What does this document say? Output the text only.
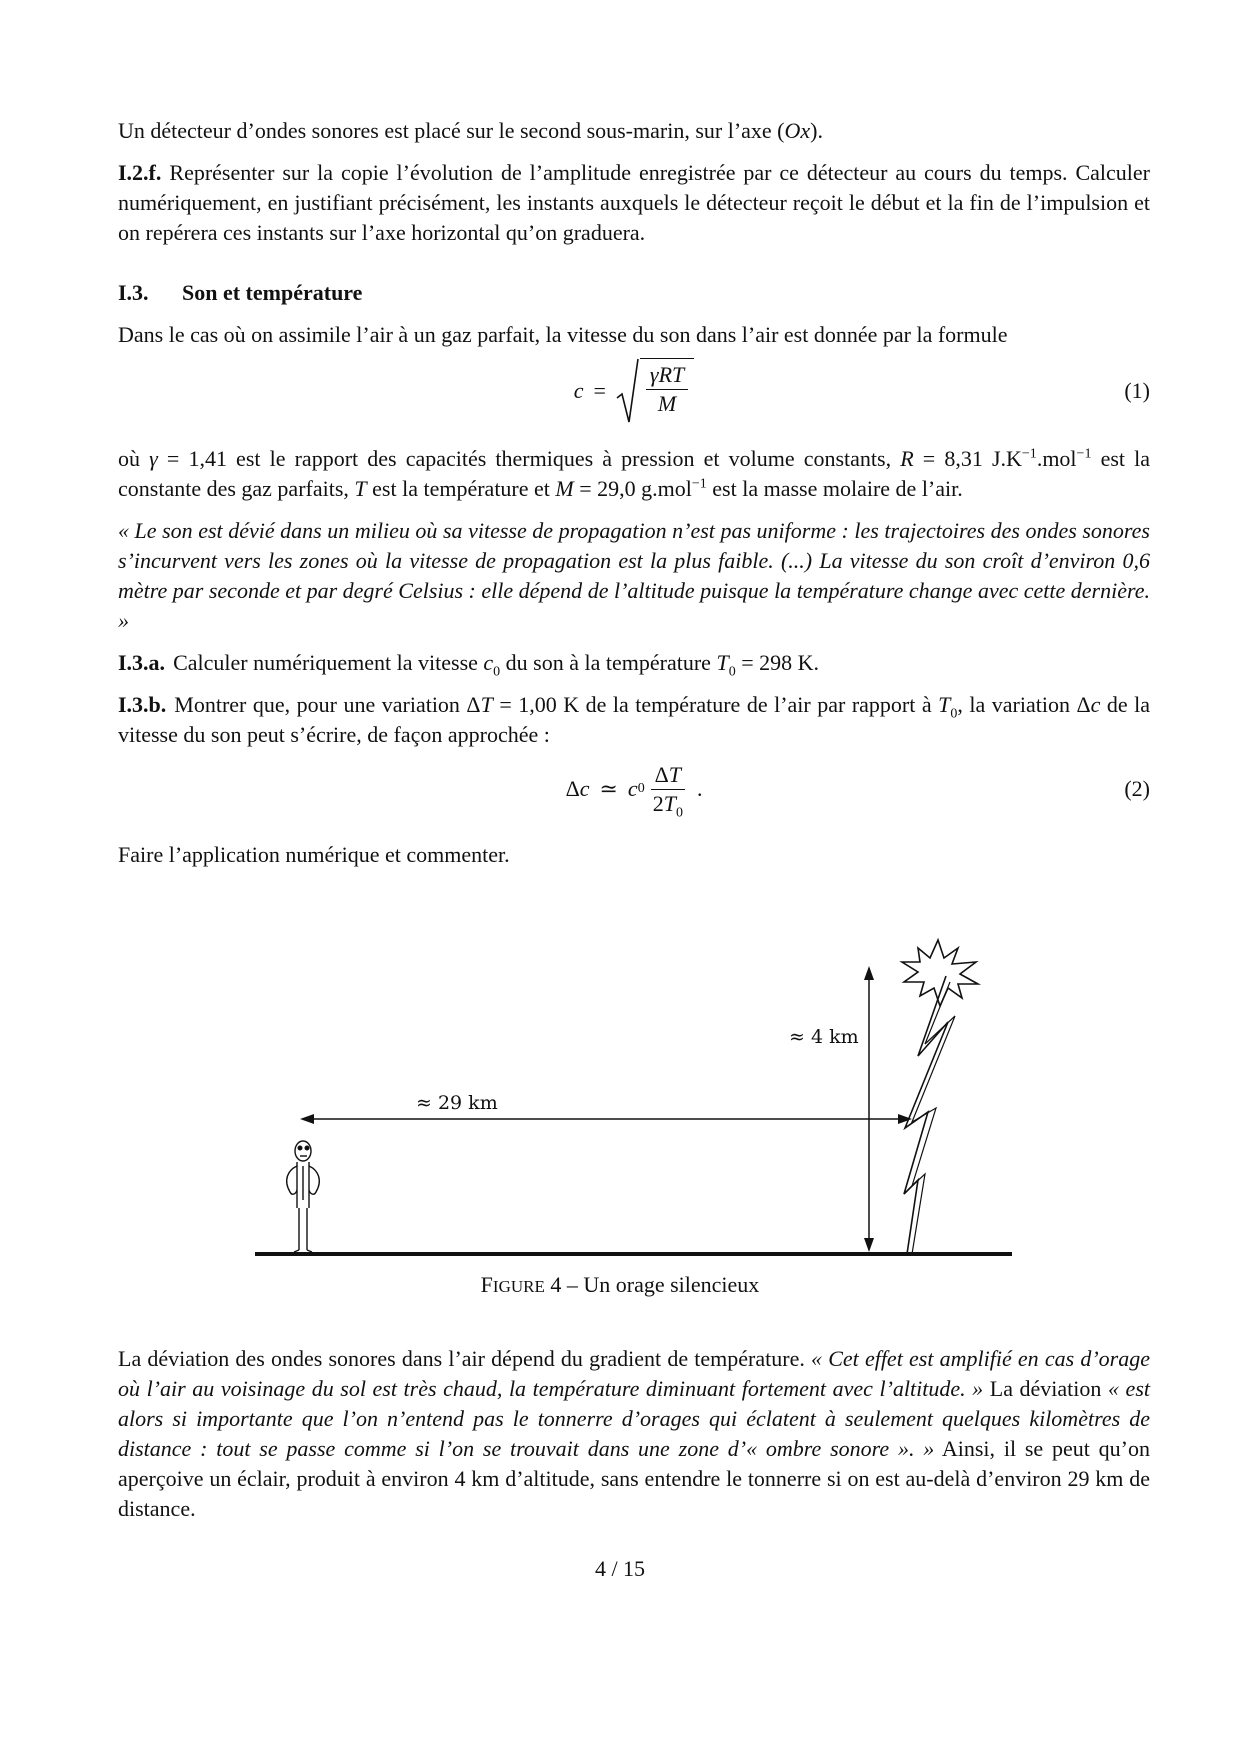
Un détecteur d’ondes sonores est placé sur le second sous-marin, sur l’axe (Ox).

I.2.f. Représenter sur la copie l’évolution de l’amplitude enregistrée par ce détecteur au cours du temps. Calculer numériquement, en justifiant précisément, les instants auxquels le détecteur reçoit le début et la fin de l’impulsion et on repérera ces instants sur l’axe horizontal qu’on graduera.

I.3. Son et température

Dans le cas où on assimile l’air à un gaz parfait, la vitesse du son dans l’air est donnée par la formule

$c = \frac{\text{γRT}}{M}$	(1)

où γ = 1,41 est le rapport des capacités thermiques à pression et volume constants, R = 8,31 $J.K^{-1}.mol^{-1}$ est la constante des gaz parfaits, T est la température et M = 29,0 g.mol$^{-1}$ est la masse molaire de l’air.

« Le son est dévié dans un milieu où sa vitesse de propagation n’est pas uniforme : les trajectoires des ondes sonores s’incurvent vers les zones où la vitesse de propagation est la plus faible. (...) La vitesse du son croît d’environ 0,6 mètre par seconde et par degré Celsius : elle dépend de l’altitude puisque la température change avec cette dernière. »

I.3.a. Calculer numériquement la vitesse $c_0$ du son à la température $T_0 = 298$ K.

I.3.b. Montrer que, pour une variation ΔT = 1,00 K de la température de l’air par rapport à $T_0$, la variation Δc de la vitesse du son peut s’écrire, de façon approchée :

Δ c ≃ c $0 \frac{\Delta T}{2T_0}$ .	(2)

Faire l’application numérique et commenter.

≈ 29 km
≈ 4 km
FIGURE 4 – Un orage silencieux

La déviation des ondes sonores dans l’air dépend du gradient de température. « Cet effet est amplifié en cas d’orage où l’air au voisinage du sol est très chaud, la température diminuant fortement avec l’altitude. » La déviation « est alors si importante que l’on n’entend pas le tonnerre d’orages qui éclatent à seulement quelques kilomètres de distance : tout se passe comme si l’on se trouvait dans une zone d’« ombre sonore ». » Ainsi, il se peut qu’on aperçoive un éclair, produit à environ 4 km d’altitude, sans entendre le tonnerre si on est au-delà d’environ 29 km de distance.

4 / 15
